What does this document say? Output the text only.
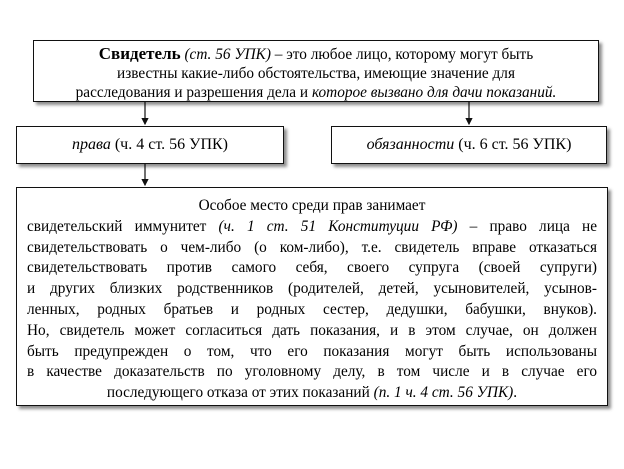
Свидетель (ст. 56 УПК) – это любое лицо, которому могут быть
известны какие-либо обстоятельства, имеющие значение для
расследования и разрешения дела и которое вызвано для дачи показаний.
права (ч. 4 ст. 56 УПК)	обязанности (ч. 6 ст. 56 УПК)
Особое место среди прав занимает
свидетельский иммунитет (ч. 1 ст. 51 Конституции РФ) – право лица не
свидетельствовать о чем-либо (о ком-либо), т.е. свидетель вправе отказаться
свидетельствовать против самого себя, своего супруга (своей супруги)
и других близких родственников (родителей, детей, усыновителей, усынов-
ленных, родных братьев и родных сестер, дедушки, бабушки, внуков).
Но, свидетель может согласиться дать показания, и в этом случае, он должен
быть предупрежден о том, что его показания могут быть использованы
в качестве доказательств по уголовному делу, в том числе и в случае его
последующего отказа от этих показаний (п. 1 ч. 4 ст. 56 УПК).
